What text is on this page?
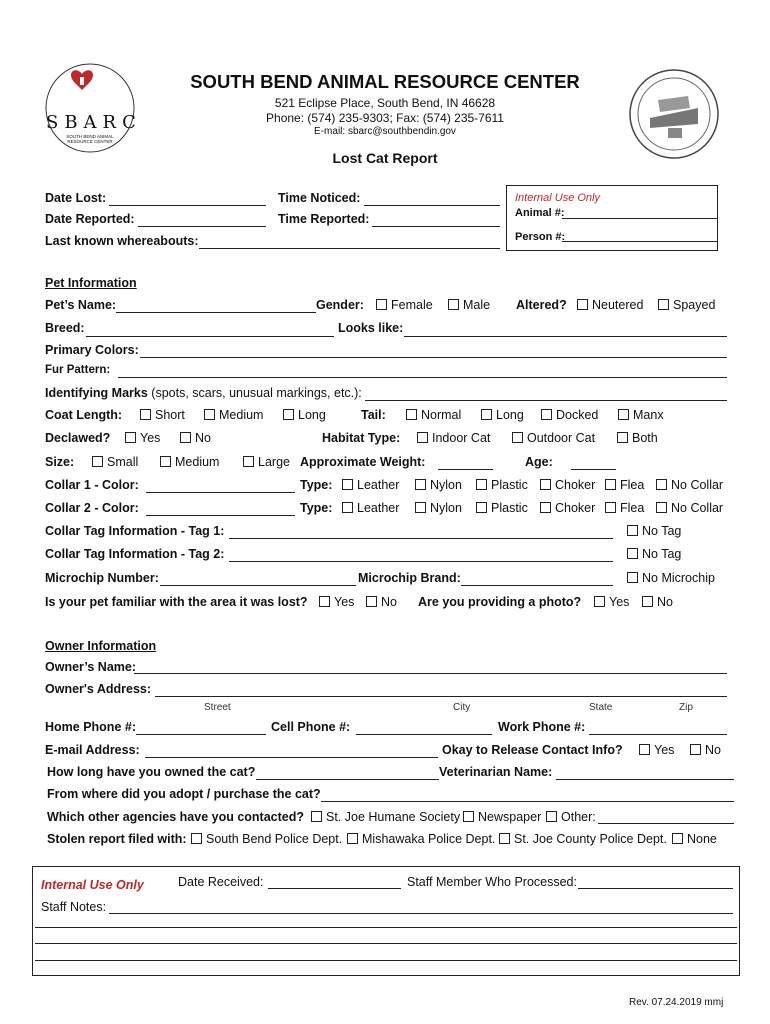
SBARC
SOUTH BEND ANIMAL RESOURCE CENTER
SOUTH BEND ANIMAL RESOURCE CENTER
521 Eclipse Place, South Bend, IN 46628
Phone: (574) 235-9303; Fax: (574) 235-7611
E-mail: sbarc@southbendin.gov
Lost Cat Report
Date Lost:	Time Noticed:
Date Reported:	Time Reported:
Last known whereabouts:
Internal Use Only
Animal #:
Person #:
Pet Information
Pet’s Name:	Gender:	Female	Male Altered?	Neutered	Spayed
Breed:	Looks like:
Primary Colors:
Fur Pattern:
Identifying Marks (spots, scars, unusual markings, etc.):
Coat Length:	Short	Medium	Long	Tail:	Normal	Long	Docked	Manx
Declawed?	Yes	No	Habitat Type:	Indoor Cat	Outdoor Cat	Both
Size:	Small	Medium	Large Approximate Weight:	Age:
Collar 1 - Color:	Type:	Leather	Nylon	Plastic	Choker	Flea	No Collar
Collar 2 - Color:	Type:	Leather	Nylon	Plastic	Choker	Flea	No Collar
Collar Tag Information - Tag 1:	No Tag
Collar Tag Information - Tag 2:	No Tag
Microchip Number:	Microchip Brand:	No Microchip
Is your pet familiar with the area it was lost?	Yes	No Are you providing a photo?	Yes	No
Owner Information
Owner’s Name:
Owner's Address:
Street	City	State	Zip
Home Phone #:	Cell Phone #:	Work Phone #:
E-mail Address:	Okay to Release Contact Info?	Yes	No
How long have you owned the cat?	Veterinarian Name:
From where did you adopt / purchase the cat?
Which other agencies have you contacted?	St. Joe Humane Society	Newspaper	Other:
Stolen report filed with:	South Bend Police Dept.	Mishawaka Police Dept.	St. Joe County Police Dept.	None
Internal Use Only	Date Received:	Staff Member Who Processed:
Staff Notes:
Rev. 07.24.2019 mmj
